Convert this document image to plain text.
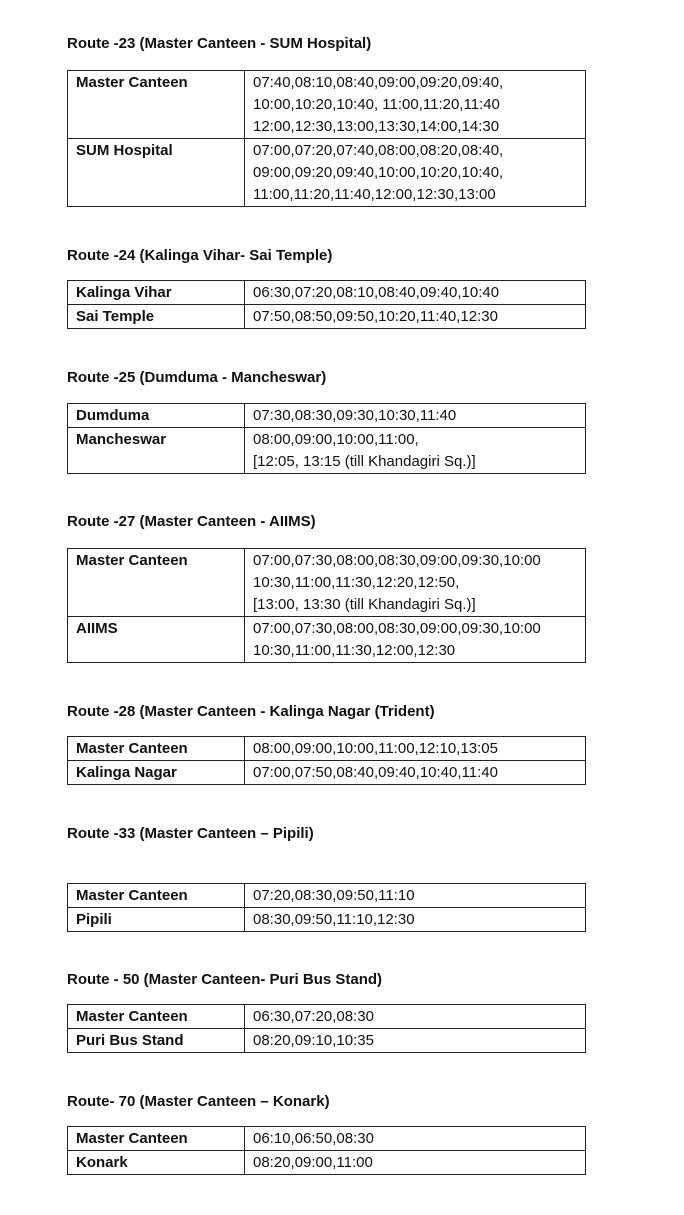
Route -23 (Master Canteen - SUM Hospital)
Master Canteen	07:40,08:10,08:40,09:00,09:20,09:40,
10:00,10:20,10:40, 11:00,11:20,11:40
12:00,12:30,13:00,13:30,14:00,14:30

SUM Hospital	07:00,07:20,07:40,08:00,08:20,08:40,
09:00,09:20,09:40,10:00,10:20,10:40,
11:00,11:20,11:40,12:00,12:30,13:00
Route -24 (Kalinga Vihar- Sai Temple)
Kalinga Vihar	06:30,07:20,08:10,08:40,09:40,10:40

Sai Temple	07:50,08:50,09:50,10:20,11:40,12:30
Route -25 (Dumduma - Mancheswar)
Dumduma	07:30,08:30,09:30,10:30,11:40

Mancheswar	08:00,09:00,10:00,11:00,
[12:05, 13:15 (till Khandagiri Sq.)]
Route -27 (Master Canteen - AIIMS)
Master Canteen	07:00,07:30,08:00,08:30,09:00,09:30,10:00
10:30,11:00,11:30,12:20,12:50,
[13:00, 13:30 (till Khandagiri Sq.)]

AIIMS	07:00,07:30,08:00,08:30,09:00,09:30,10:00
10:30,11:00,11:30,12:00,12:30
Route -28 (Master Canteen - Kalinga Nagar (Trident)
Master Canteen	08:00,09:00,10:00,11:00,12:10,13:05

Kalinga Nagar	07:00,07:50,08:40,09:40,10:40,11:40
Route -33 (Master Canteen – Pipili)
Master Canteen	07:20,08:30,09:50,11:10

Pipili	08:30,09:50,11:10,12:30
Route - 50 (Master Canteen- Puri Bus Stand)
Master Canteen	06:30,07:20,08:30

Puri Bus Stand	08:20,09:10,10:35
Route- 70 (Master Canteen – Konark)
Master Canteen	06:10,06:50,08:30

Konark	08:20,09:00,11:00
